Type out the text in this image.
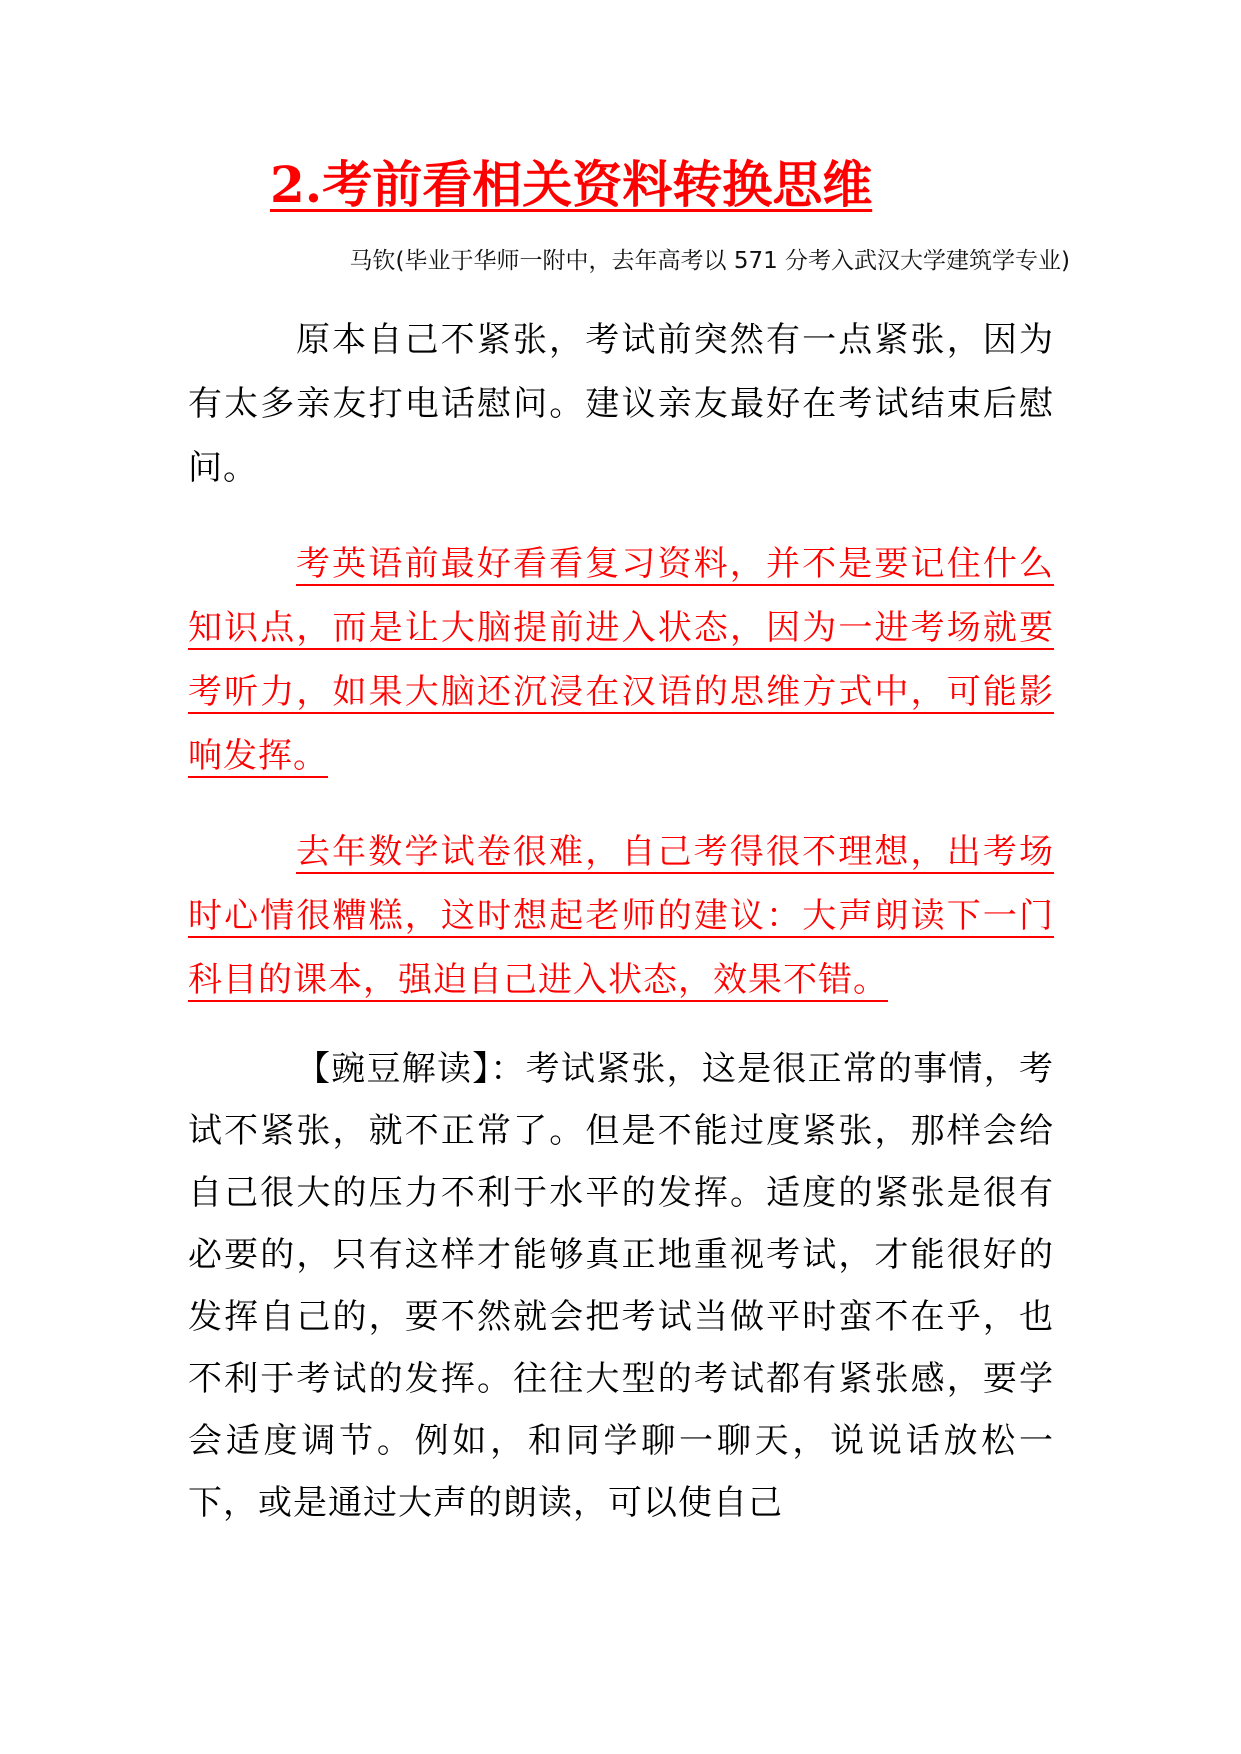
2.考前看相关资料转换思维

马钦(毕业于华师一附中，去年高考以 571 分考入武汉大学建筑学专业)

原本自己不紧张，考试前突然有一点紧张，因为有太多亲友打电话慰问。建议亲友最好在考试结束后慰问。

考英语前最好看看复习资料，并不是要记住什么知识点，而是让大脑提前进入状态，因为一进考场就要考听力，如果大脑还沉浸在汉语的思维方式中，可能影响发挥。

去年数学试卷很难，自己考得很不理想，出考场时心情很糟糕，这时想起老师的建议：大声朗读下一门科目的课本，强迫自己进入状态，效果不错。

【豌豆解读】：考试紧张，这是很正常的事情，考试不紧张，就不正常了。但是不能过度紧张，那样会给自己很大的压力不利于水平的发挥。适度的紧张是很有必要的，只有这样才能够真正地重视考试，才能很好的发挥自己的，要不然就会把考试当做平时蛮不在乎，也不利于考试的发挥。往往大型的考试都有紧张感，要学会适度调节。例如，和同学聊一聊天，说说话放松一下，或是通过大声的朗读，可以使自己
